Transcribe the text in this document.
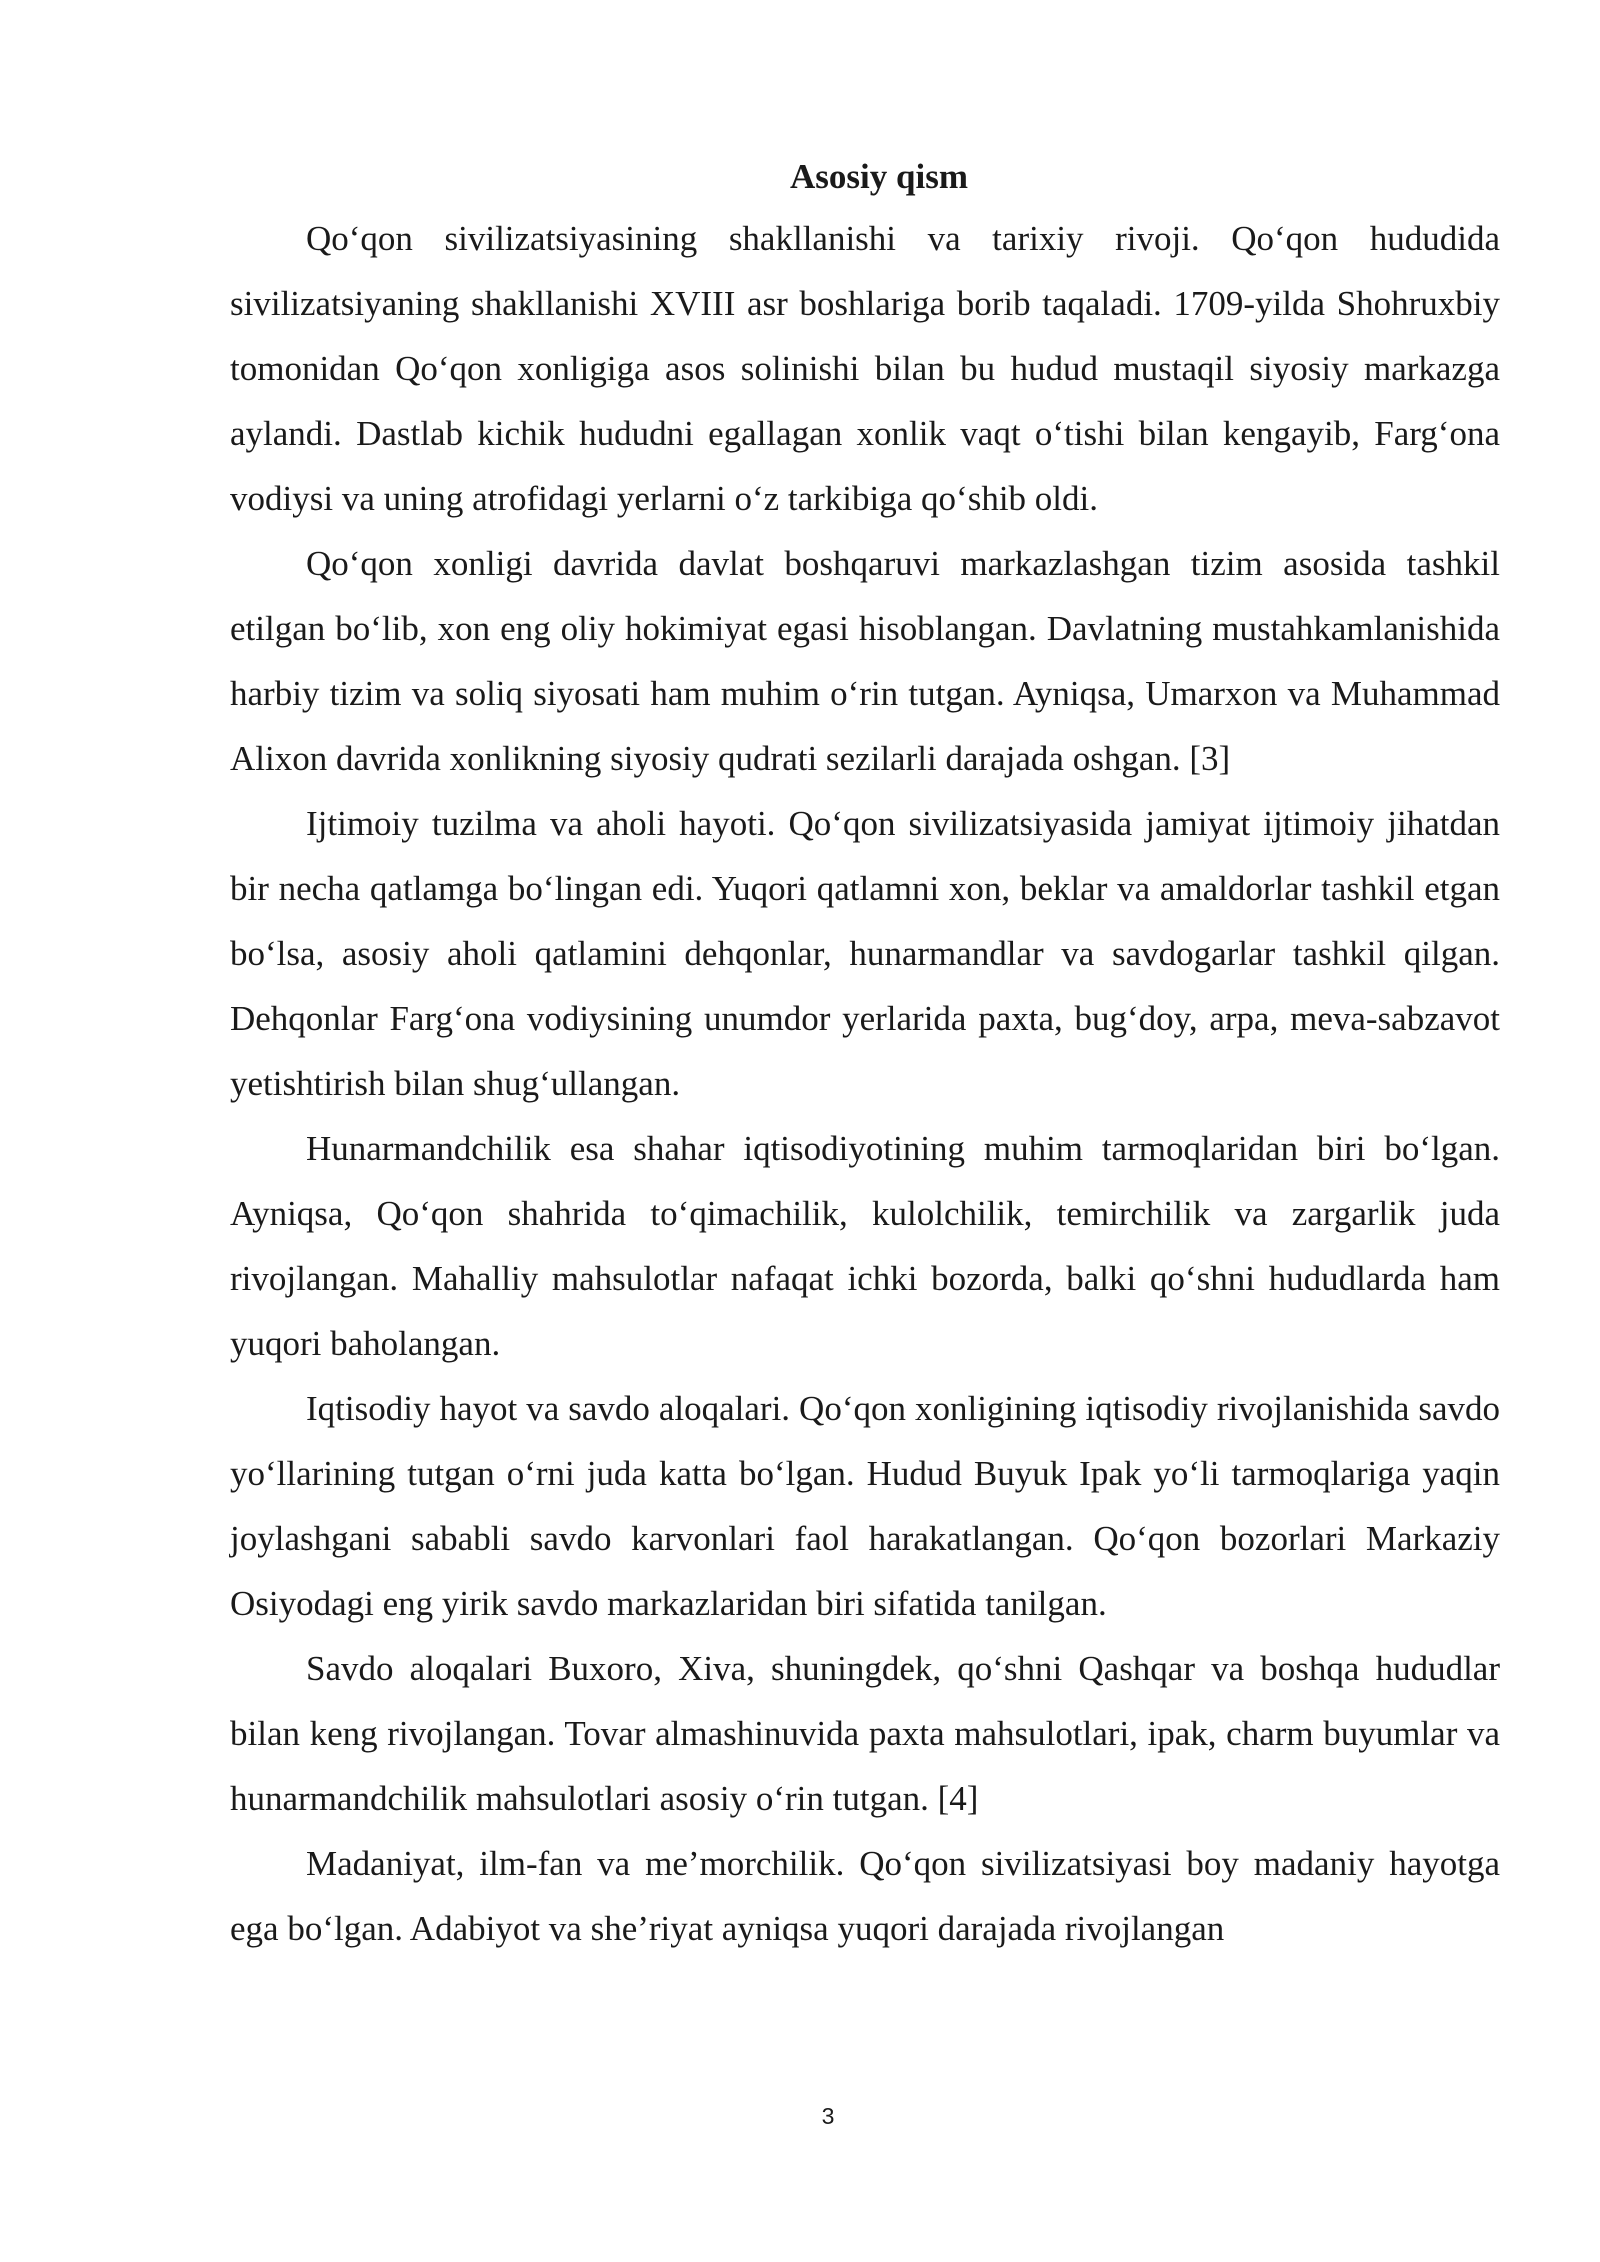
Asosiy qism

Qo‘qon sivilizatsiyasining shakllanishi va tarixiy rivoji. Qo‘qon hududida sivilizatsiyaning shakllanishi XVIII asr boshlariga borib taqaladi. 1709-yilda Shohruxbiy tomonidan Qo‘qon xonligiga asos solinishi bilan bu hudud mustaqil siyosiy markazga aylandi. Dastlab kichik hududni egallagan xonlik vaqt o‘tishi bilan kengayib, Farg‘ona vodiysi va uning atrofidagi yerlarni o‘z tarkibiga qo‘shib oldi.

Qo‘qon xonligi davrida davlat boshqaruvi markazlashgan tizim asosida tashkil etilgan bo‘lib, xon eng oliy hokimiyat egasi hisoblangan. Davlatning mustahkamlanishida harbiy tizim va soliq siyosati ham muhim o‘rin tutgan. Ayniqsa, Umarxon va Muhammad Alixon davrida xonlikning siyosiy qudrati sezilarli darajada oshgan. [3]

Ijtimoiy tuzilma va aholi hayoti. Qo‘qon sivilizatsiyasida jamiyat ijtimoiy jihatdan bir necha qatlamga bo‘lingan edi. Yuqori qatlamni xon, beklar va amaldorlar tashkil etgan bo‘lsa, asosiy aholi qatlamini dehqonlar, hunarmandlar va savdogarlar tashkil qilgan. Dehqonlar Farg‘ona vodiysining unumdor yerlarida paxta, bug‘doy, arpa, meva-sabzavot yetishtirish bilan shug‘ullangan.

Hunarmandchilik esa shahar iqtisodiyotining muhim tarmoqlaridan biri bo‘lgan. Ayniqsa, Qo‘qon shahrida to‘qimachilik, kulolchilik, temirchilik va zargarlik juda rivojlangan. Mahalliy mahsulotlar nafaqat ichki bozorda, balki qo‘shni hududlarda ham yuqori baholangan.

Iqtisodiy hayot va savdo aloqalari. Qo‘qon xonligining iqtisodiy rivojlanishida savdo yo‘llarining tutgan o‘rni juda katta bo‘lgan. Hudud Buyuk Ipak yo‘li tarmoqlariga yaqin joylashgani sababli savdo karvonlari faol harakatlangan. Qo‘qon bozorlari Markaziy Osiyodagi eng yirik savdo markazlaridan biri sifatida tanilgan.

Savdo aloqalari Buxoro, Xiva, shuningdek, qo‘shni Qashqar va boshqa hududlar bilan keng rivojlangan. Tovar almashinuvida paxta mahsulotlari, ipak, charm buyumlar va hunarmandchilik mahsulotlari asosiy o‘rin tutgan. [4]

Madaniyat, ilm-fan va me’morchilik. Qo‘qon sivilizatsiyasi boy madaniy hayotga ega bo‘lgan. Adabiyot va she’riyat ayniqsa yuqori darajada rivojlangan

3
